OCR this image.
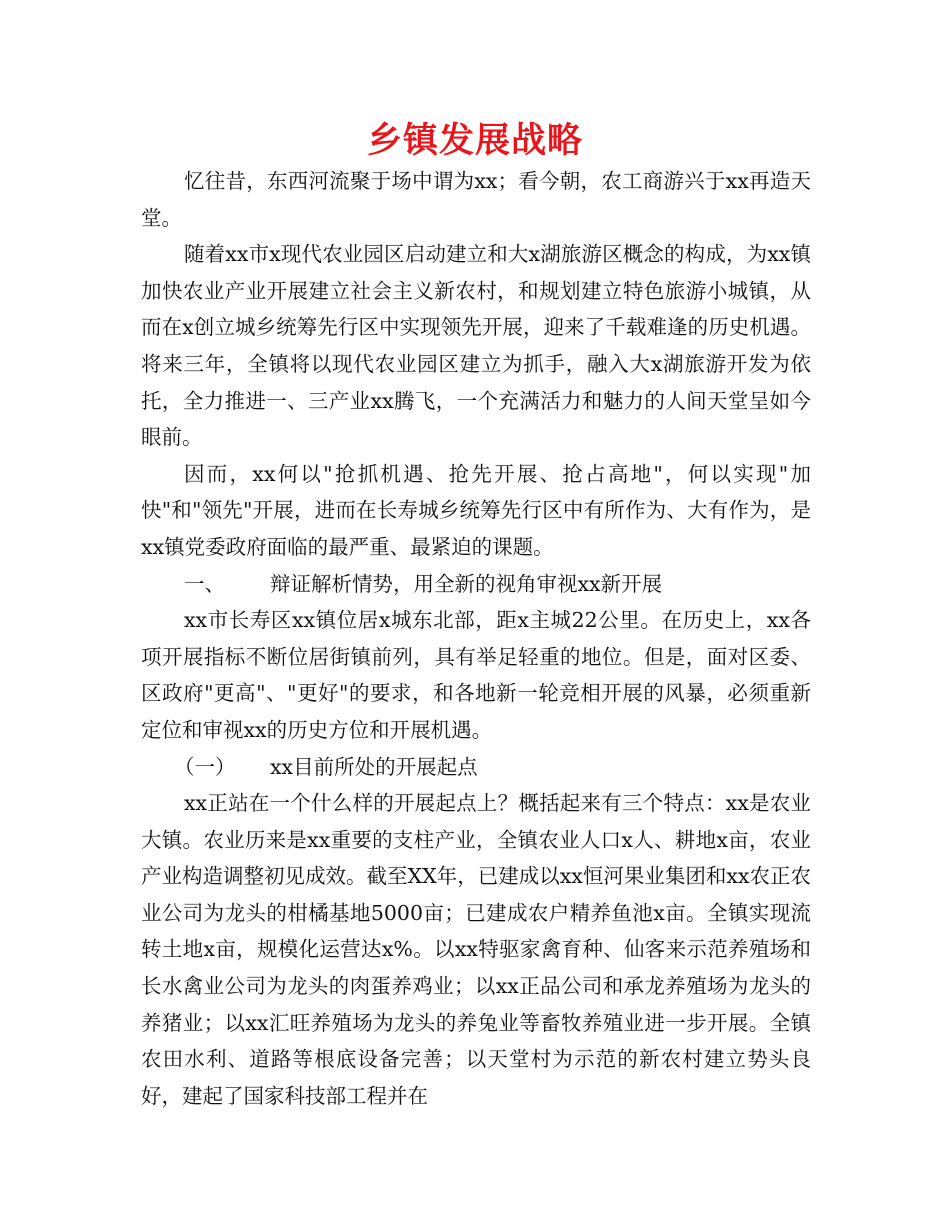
乡镇发展战略

忆往昔，东西河流聚于场中谓为xx；看今朝，农工商游兴于xx再造天堂。

随着xx市x现代农业园区启动建立和大x湖旅游区概念的构成，为xx镇加快农业产业开展建立社会主义新农村，和规划建立特色旅游小城镇，从而在x创立城乡统筹先行区中实现领先开展，迎来了千载难逢的历史机遇。将来三年，全镇将以现代农业园区建立为抓手，融入大x湖旅游开发为依托，全力推进一、三产业xx腾飞，一个充满活力和魅力的人间天堂呈如今眼前。

因而，xx何以"抢抓机遇、抢先开展、抢占高地"，何以实现"加快"和"领先"开展，进而在长寿城乡统筹先行区中有所作为、大有作为，是xx镇党委政府面临的最严重、最紧迫的课题。

一、 辩证解析情势，用全新的视角审视xx新开展

xx市长寿区xx镇位居x城东北部，距x主城22公里。在历史上，xx各项开展指标不断位居街镇前列，具有举足轻重的地位。但是，面对区委、区政府"更高"、"更好"的要求，和各地新一轮竞相开展的风暴，必须重新定位和审视xx的历史方位和开展机遇。

（一） xx目前所处的开展起点

xx正站在一个什么样的开展起点上？概括起来有三个特点：xx是农业大镇。农业历来是xx重要的支柱产业，全镇农业人口x人、耕地x亩，农业产业构造调整初见成效。截至XX年，已建成以xx恒河果业集团和xx农正农业公司为龙头的柑橘基地5000亩；已建成农户精养鱼池x亩。全镇实现流转土地x亩，规模化运营达x%。以xx特驱家禽育种、仙客来示范养殖场和长水禽业公司为龙头的肉蛋养鸡业；以xx正品公司和承龙养殖场为龙头的养猪业；以xx汇旺养殖场为龙头的养兔业等畜牧养殖业进一步开展。全镇农田水利、道路等根底设备完善；以天堂村为示范的新农村建立势头良好，建起了国家科技部工程并在
